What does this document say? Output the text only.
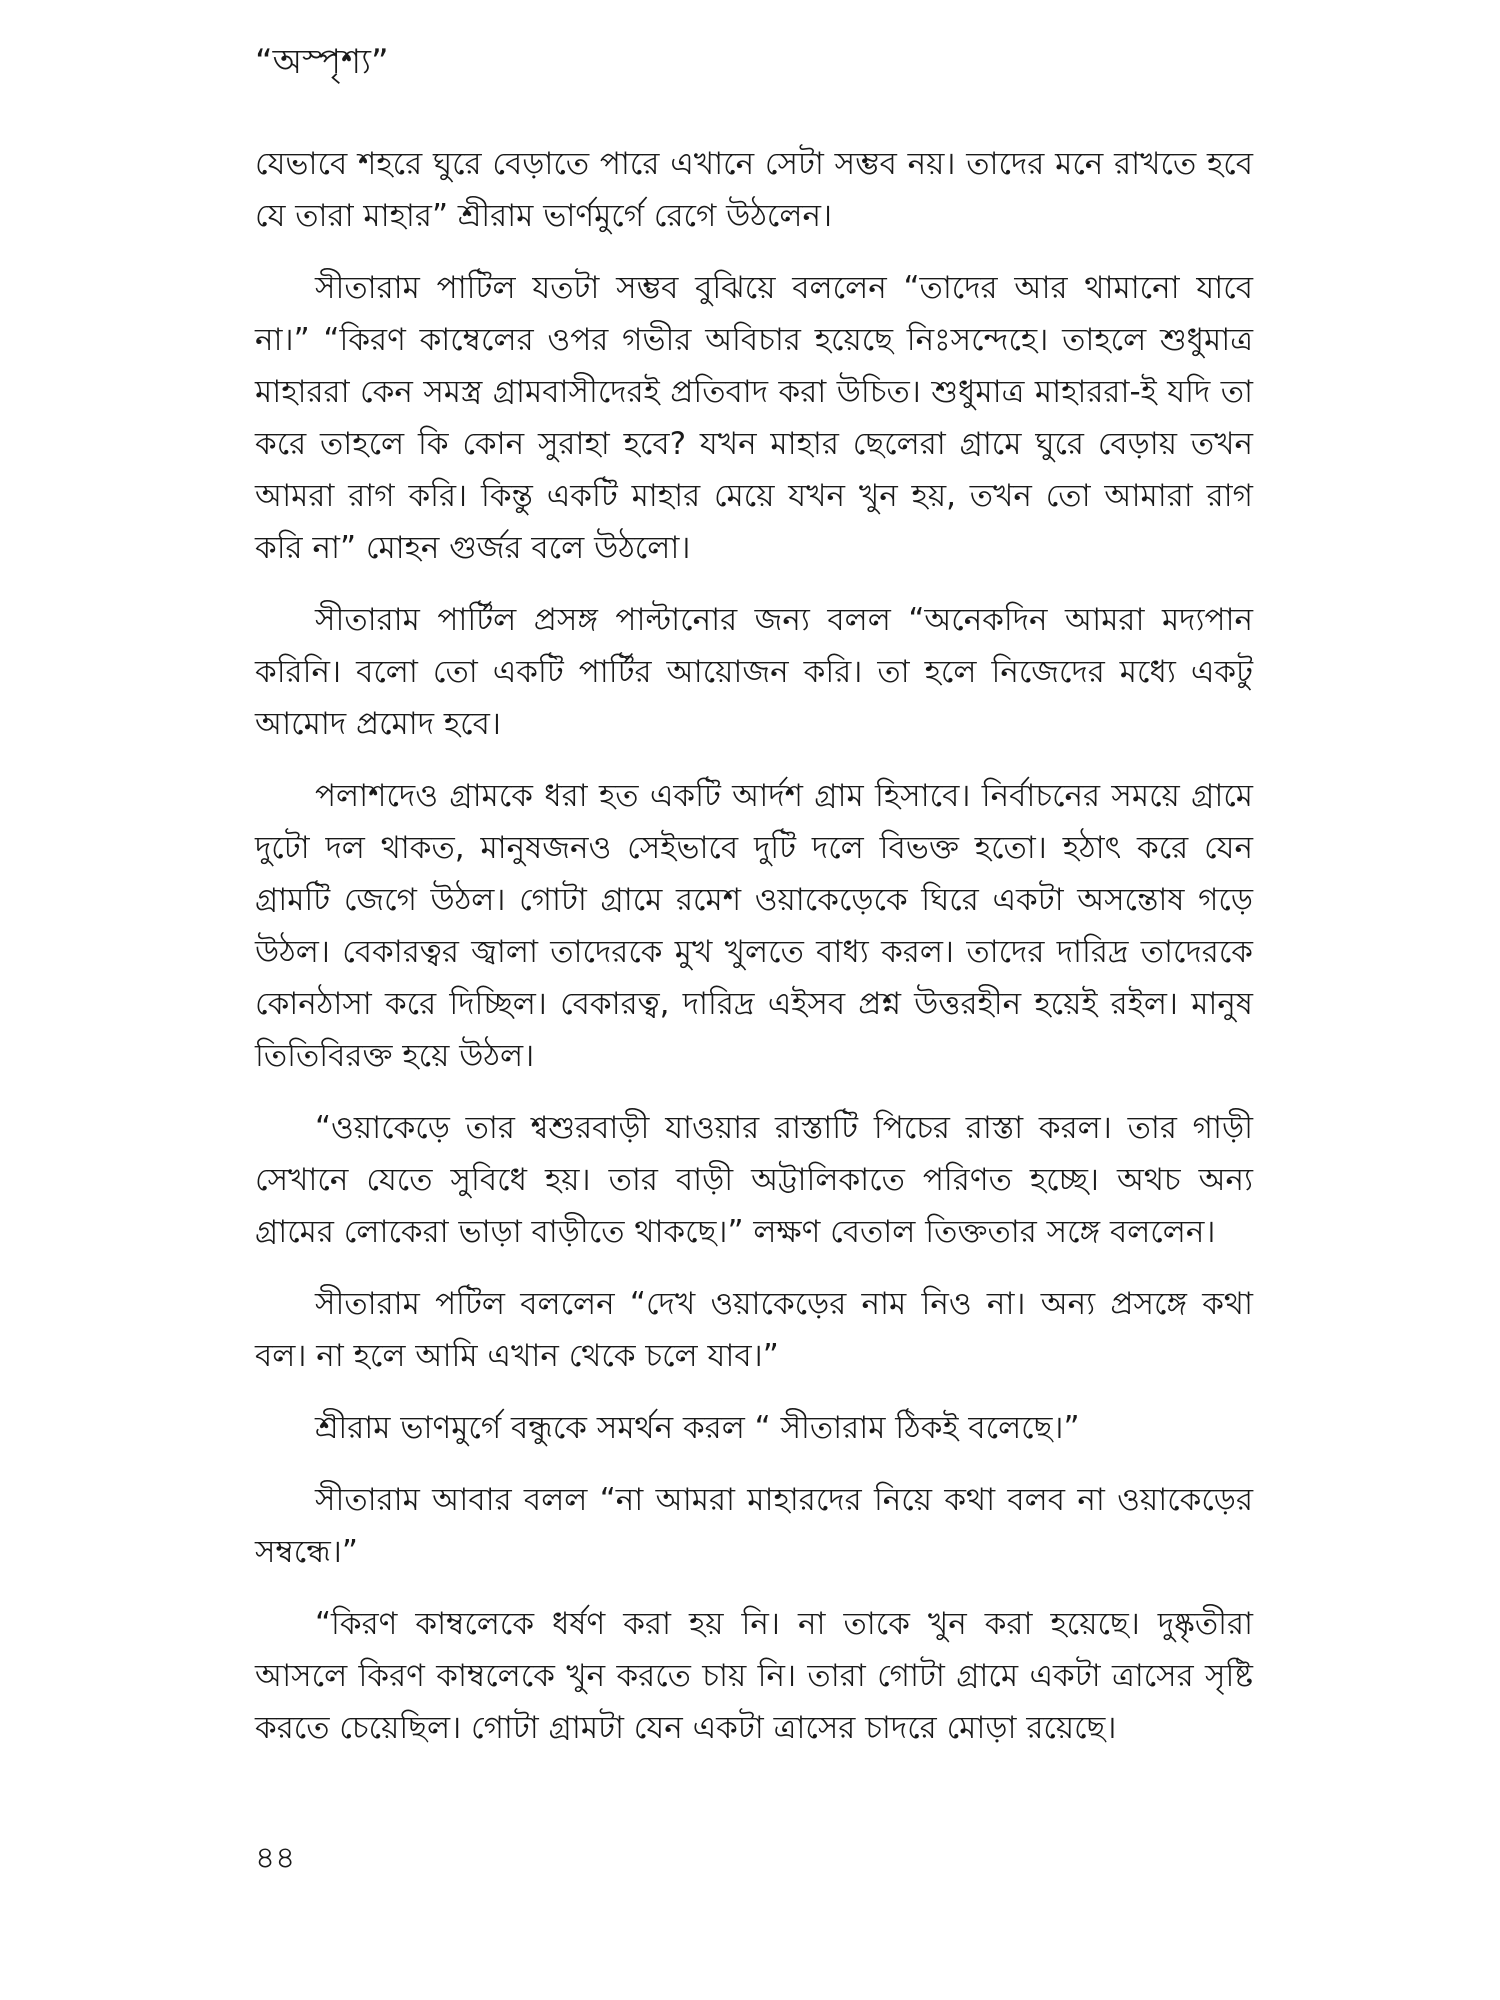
“অস্পৃশ্য”

যেভাবে শহরে ঘুরে বেড়াতে পারে এখানে সেটা সম্ভব নয়। তাদের মনে রাখতে হবে যে তারা মাহার” শ্রীরাম ভার্ণমুর্গে রেগে উঠলেন।

সীতারাম পাটিল যতটা সম্ভব বুঝিয়ে বললেন “তাদের আর থামানো যাবে না।” “কিরণ কাম্বেলের ওপর গভীর অবিচার হয়েছে নিঃসন্দেহে। তাহলে শুধুমাত্র মাহাররা কেন সমস্ত্র গ্রামবাসীদেরই প্রতিবাদ করা উচিত। শুধুমাত্র মাহাররা-ই যদি তা করে তাহলে কি কোন সুরাহা হবে? যখন মাহার ছেলেরা গ্রামে ঘুরে বেড়ায় তখন আমরা রাগ করি। কিন্তু একটি মাহার মেয়ে যখন খুন হয়, তখন তো আমারা রাগ করি না” মোহন গুর্জর বলে উঠলো।

সীতারাম পার্টিল প্রসঙ্গ পাল্টানোর জন্য বলল “অনেকদিন আমরা মদ্যপান করিনি। বলো তো একটি পার্টির আয়োজন করি। তা হলে নিজেদের মধ্যে একটু আমোদ প্রমোদ হবে।

পলাশদেও গ্রামকে ধরা হত একটি আর্দশ গ্রাম হিসাবে। নির্বাচনের সময়ে গ্রামে দুটো দল থাকত, মানুষজনও সেইভাবে দুটি দলে বিভক্ত হতো। হঠাৎ করে যেন গ্রামটি জেগে উঠল। গোটা গ্রামে রমেশ ওয়াকেড়েকে ঘিরে একটা অসন্তোষ গড়ে উঠল। বেকারত্বর জ্বালা তাদেরকে মুখ খুলতে বাধ্য করল। তাদের দারিদ্র তাদেরকে কোনঠাসা করে দিচ্ছিল। বেকারত্ব, দারিদ্র এইসব প্রশ্ন উত্তরহীন হয়েই রইল। মানুষ তিতিবিরক্ত হয়ে উঠল।

“ওয়াকেড়ে তার শ্বশুরবাড়ী যাওয়ার রাস্তাটি পিচের রাস্তা করল। তার গাড়ী সেখানে যেতে সুবিধে হয়। তার বাড়ী অট্টালিকাতে পরিণত হচ্ছে। অথচ অন্য গ্রামের লোকেরা ভাড়া বাড়ীতে থাকছে।” লক্ষণ বেতাল তিক্ততার সঙ্গে বললেন।

সীতারাম পটিল বললেন “দেখ ওয়াকেড়ের নাম নিও না। অন্য প্রসঙ্গে কথা বল। না হলে আমি এখান থেকে চলে যাব।”

শ্রীরাম ভাণমুর্গে বন্ধুকে সমর্থন করল “ সীতারাম ঠিকই বলেছে।”

সীতারাম আবার বলল “না আমরা মাহারদের নিয়ে কথা বলব না ওয়াকেড়ের সম্বন্ধে।”

“কিরণ কাম্বলেকে ধর্ষণ করা হয় নি। না তাকে খুন করা হয়েছে। দুষ্কৃতীরা আসলে কিরণ কাম্বলেকে খুন করতে চায় নি। তারা গোটা গ্রামে একটা ত্রাসের সৃষ্টি করতে চেয়েছিল। গোটা গ্রামটা যেন একটা ত্রাসের চাদরে মোড়া রয়েছে।

৪৪
